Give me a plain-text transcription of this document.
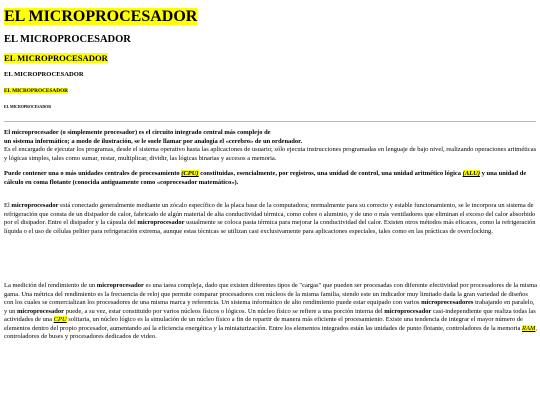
EL MICROPROCESADOR
EL MICROPROCESADOR
EL MICROPROCESADOR
EL MICROPROCESADOR
EL MICROPROCESADOR
EL MICROPROCESADOR

El microprocesador (o simplemente procesador) es el circuito integrado central más complejo de
un sistema informático; a modo de ilustración, se le suele llamar por analogía el «cerebro» de un ordenador.
Es el encargado de ejecutar los programas, desde el sistema operativo hasta las aplicaciones de usuario; sólo ejecuta instrucciones programadas en lenguaje de bajo nivel, realizando operaciones aritméticas y lógicas simples, tales como sumar, restar, multiplicar, dividir, las lógicas binarias y accesos a memoria.

Puede contener una o más unidades centrales de procesamiento (CPU) constituidas, esencialmente, por registros, una unidad de control, una unidad aritmético lógica (ALU) y una unidad de cálculo en coma flotante (conocida antiguamente como «coprocesador matemático»).

El microprocesador está conectado generalmente mediante un zócalo específico de la placa base de la computadora; normalmente para su correcto y estable funcionamiento, se le incorpora un sistema de refrigeración que consta de un disipador de calor, fabricado de algún material de alta conductividad térmica, como cobre o aluminio, y de uno o más ventiladores que eliminan el exceso del calor absorbido por el disipador. Entre el disipador y la cápsula del microprocesador usualmente se coloca pasta térmica para mejorar la conductividad del calor. Existen otros métodos más eficaces, como la refrigeración líquida o el uso de células peltier para refrigeración extrema, aunque estas técnicas se utilizan casi exclusivamente para aplicaciones especiales, tales como en las prácticas de overclocking.

La medición del rendimiento de un microprocesador es una tarea compleja, dado que existen diferentes tipos de "cargas" que pueden ser procesadas con diferente efectividad por procesadores de la misma gama. Una métrica del rendimiento es la frecuencia de reloj que permite comparar procesadores con núcleos de la misma familia, siendo este un indicador muy limitado dada la gran variedad de diseños con los cuales se comercializan los procesadores de una misma marca y referencia. Un sistema informático de alto rendimiento puede estar equipado con varios microprocesadores trabajando en paralelo, y un microprocesador puede, a su vez, estar constituido por varios núcleos físicos o lógicos. Un núcleo físico se refiere a una porción interna del microprocesador casi-independiente que realiza todas las actividades de una CPU solitaria, un núcleo lógico es la simulación de un núcleo físico a fin de repartir de manera más eficiente el procesamiento. Existe una tendencia de integrar el mayor número de elementos dentro del propio procesador, aumentando así la eficiencia energética y la miniaturización. Entre los elementos integrados están las unidades de punto flotante, controladores de la memoria RAM, controladores de buses y procesadores dedicados de video.
